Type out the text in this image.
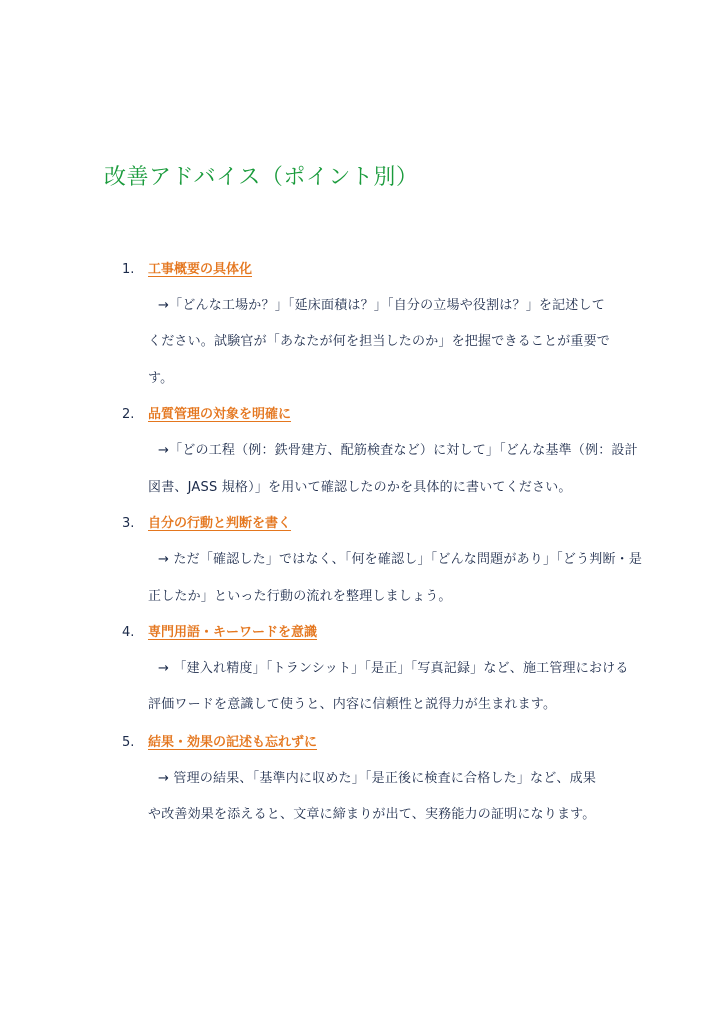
改善アドバイス（ポイント別）
1. 工事概要の具体化
→「どんな工場か？」「延床面積は？」「自分の立場や役割は？」を記述して
ください。試験官が「あなたが何を担当したのか」を把握できることが重要で
す。
2. 品質管理の対象を明確に
→「どの工程（例：鉄骨建方、配筋検査など）に対して」「どんな基準（例：設計
図書、JASS 規格）」を用いて確認したのかを具体的に書いてください。
3. 自分の行動と判断を書く
→ ただ「確認した」ではなく、「何を確認し」「どんな問題があり」「どう判断・是
正したか」といった行動の流れを整理しましょう。
4. 専門用語・キーワードを意識
→ 「建入れ精度」「トランシット」「是正」「写真記録」など、施工管理における
評価ワードを意識して使うと、内容に信頼性と説得力が生まれます。
5. 結果・効果の記述も忘れずに
→ 管理の結果、「基準内に収めた」「是正後に検査に合格した」など、成果
や改善効果を添えると、文章に締まりが出て、実務能力の証明になります。
